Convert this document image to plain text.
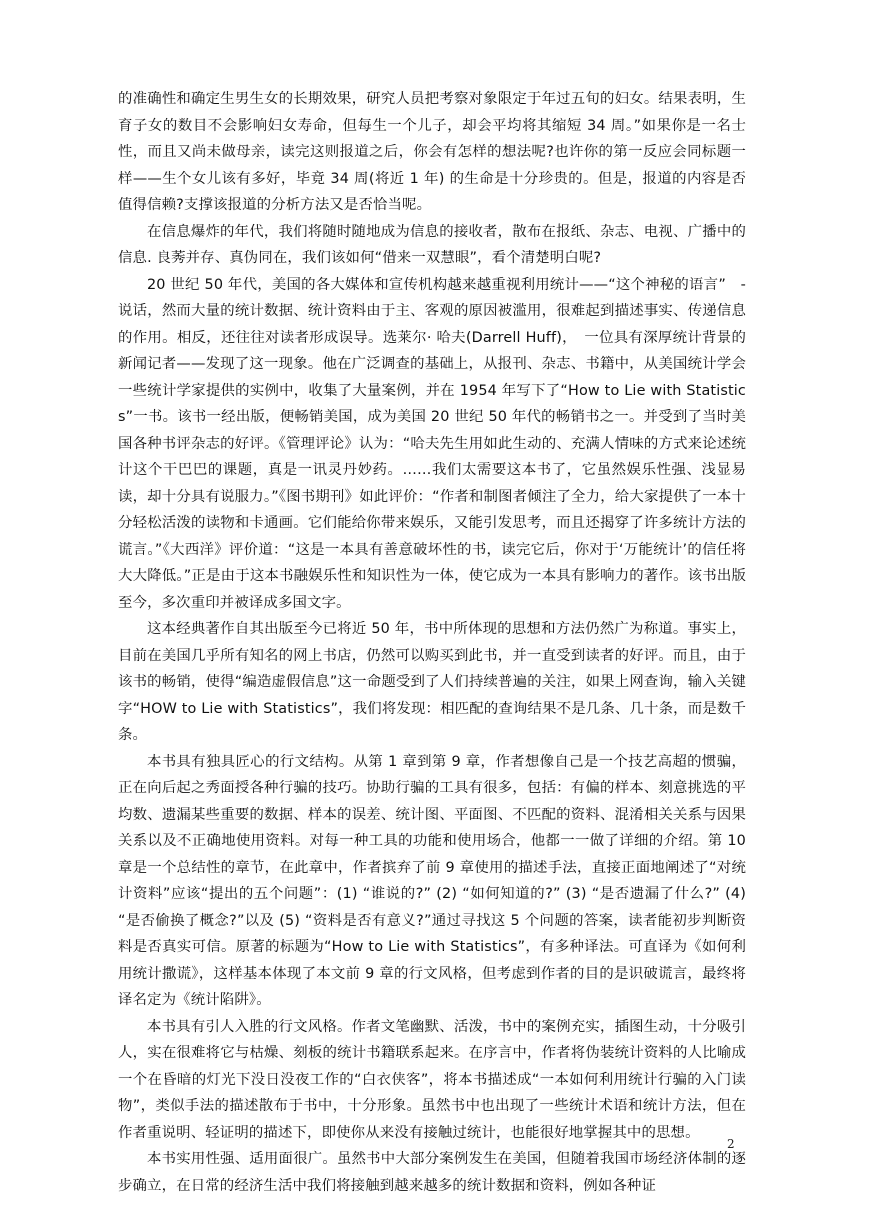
的准确性和确定生男生女的长期效果，研究人员把考察对象限定于年过五旬的妇女。结果表明，生育子女的数目不会影响妇女寿命，但每生一个儿子，却会平均将其缩短 34 周。”如果你是一名士性，而且又尚未做母亲，读完这则报道之后，你会有怎样的想法呢?也许你的第一反应会同标题一样——生个女儿该有多好，毕竟 34 周(将近 1 年) 的生命是十分珍贵的。但是，报道的内容是否值得信赖?支撑该报道的分析方法又是否恰当呢。

在信息爆炸的年代，我们将随时随地成为信息的接收者，散布在报纸、杂志、电视、广播中的信息. 良莠并存、真伪同在，我们该如何“借来一双慧眼”，看个清楚明白呢?

20 世纪 50 年代，美国的各大媒体和宣传机构越来越重视利用统计——“这个神秘的语言”　-说话，然而大量的统计数据、统计资料由于主、客观的原因被滥用，很难起到描述事实、传递信息的作用。相反，还往往对读者形成误导。选莱尔· 哈夫(Darrell Huff)，　一位具有深厚统计背景的新闻记者——发现了这一现象。他在广泛调查的基础上，从报刊、杂志、书籍中，从美国统计学会一些统计学家提供的实例中，收集了大量案例，并在 1954 年写下了“How to Lie with Statistics”一书。该书一经出版，便畅销美国，成为美国 20 世纪 50 年代的畅销书之一。并受到了当时美国各种书评杂志的好评。《管理评论》认为：“哈夫先生用如此生动的、充满人情味的方式来论述统计这个干巴巴的课题，真是一讯灵丹妙药。……我们太需要这本书了，它虽然娱乐性强、浅显易读，却十分具有说服力。”《图书期刊》如此评价：“作者和制图者倾注了全力，给大家提供了一本十分轻松活泼的读物和卡通画。它们能给你带来娱乐，又能引发思考，而且还揭穿了许多统计方法的谎言。”《大西洋》评价道：“这是一本具有善意破坏性的书，读完它后，你对于‘万能统计’的信任将大大降低。”正是由于这本书融娱乐性和知识性为一体，使它成为一本具有影响力的著作。该书出版至今，多次重印并被译成多国文字。

这本经典著作自其出版至今已将近 50 年，书中所体现的思想和方法仍然广为称道。事实上，目前在美国几乎所有知名的网上书店，仍然可以购买到此书，并一直受到读者的好评。而且，由于该书的畅销，使得“编造虚假信息”这一命题受到了人们持续普遍的关注，如果上网查询，输入关键字“HOW to Lie with Statistics”，我们将发现：相匹配的查询结果不是几条、几十条，而是数千条。

本书具有独具匠心的行文结构。从第 1 章到第 9 章，作者想像自己是一个技艺高超的惯骗，正在向后起之秀面授各种行骗的技巧。协助行骗的工具有很多，包括：有偏的样本、刻意挑选的平均数、遗漏某些重要的数据、样本的误差、统计图、平面图、不匹配的资料、混淆相关关系与因果关系以及不正确地使用资料。对每一种工具的功能和使用场合，他都一一做了详细的介绍。第 10 章是一个总结性的章节，在此章中，作者摈弃了前 9 章使用的描述手法，直接正面地阐述了“对统计资料”应该“提出的五个问题”：(1) “谁说的?” (2) “如何知道的?” (3) “是否遗漏了什么?” (4) “是否偷换了概念?”以及 (5) “资料是否有意义?”通过寻找这 5 个问题的答案，读者能初步判断资料是否真实可信。原著的标题为“How to Lie with Statistics”，有多种译法。可直译为《如何利用统计撒谎》，这样基本体现了本文前 9 章的行文风格，但考虑到作者的目的是识破谎言，最终将译名定为《统计陷阱》。

本书具有引人入胜的行文风格。作者文笔幽默、活泼，书中的案例充实，插图生动，十分吸引人，实在很难将它与枯燥、刻板的统计书籍联系起来。在序言中，作者将伪装统计资料的人比喻成一个在昏暗的灯光下没日没夜工作的“白衣侠客”，将本书描述成“一本如何利用统计行骗的入门读物”，类似手法的描述散布于书中，十分形象。虽然书中也出现了一些统计术语和统计方法，但在作者重说明、轻证明的描述下，即使你从来没有接触过统计，也能很好地掌握其中的思想。

本书实用性强、适用面很广。虽然书中大部分案例发生在美国，但随着我国市场经济体制的逐步确立，在日常的经济生活中我们将接触到越来越多的统计数据和资料，例如各种证

2
